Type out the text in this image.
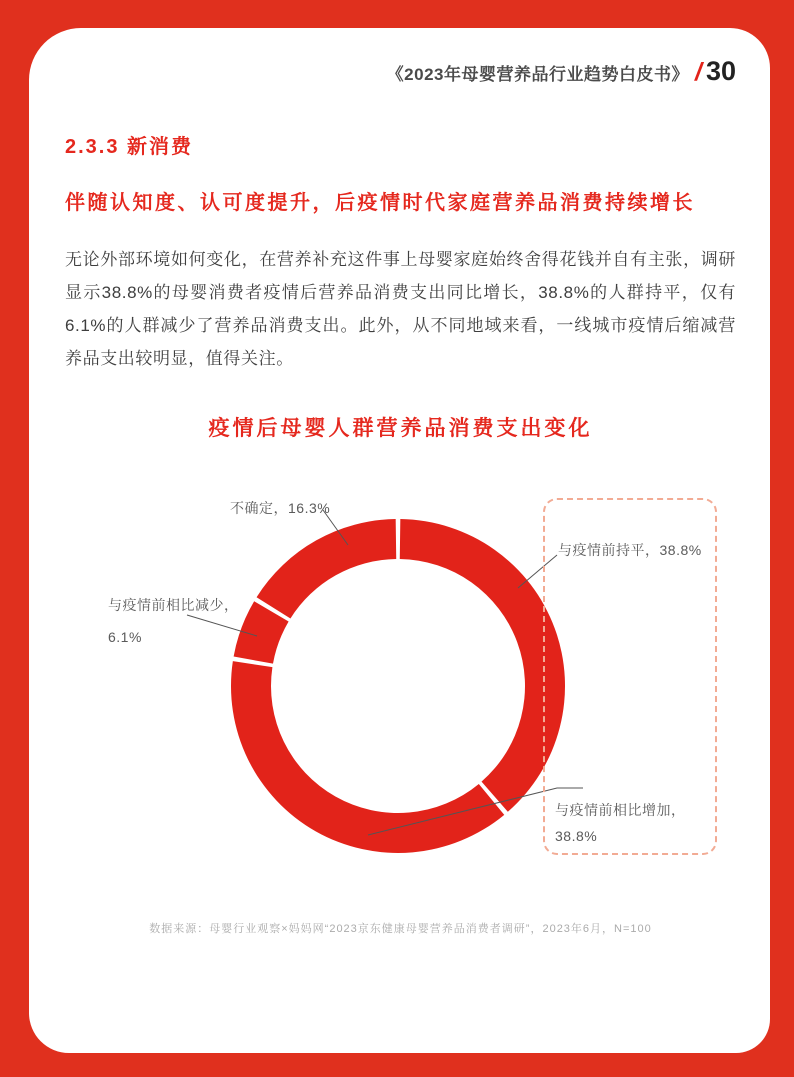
《2023年母婴营养品行业趋势白皮书》 / 30
2.3.3 新消费
伴随认知度、认可度提升，后疫情时代家庭营养品消费持续增长

无论外部环境如何变化，在营养补充这件事上母婴家庭始终舍得花钱并自有主张，调研显示38.8%的母婴消费者疫情后营养品消费支出同比增长，38.8%的人群持平，仅有6.1%的人群减少了营养品消费支出。此外，从不同地域来看，一线城市疫情后缩减营养品支出较明显，值得关注。

疫情后母婴人群营养品消费支出变化
不确定，16.3%
与疫情前持平，38.8%
与疫情前相比减少，
6.1%
与疫情前相比增加，
38.8%
数据来源：母婴行业观察×妈妈网“2023京东健康母婴营养品消费者调研”，2023年6月，N=100
